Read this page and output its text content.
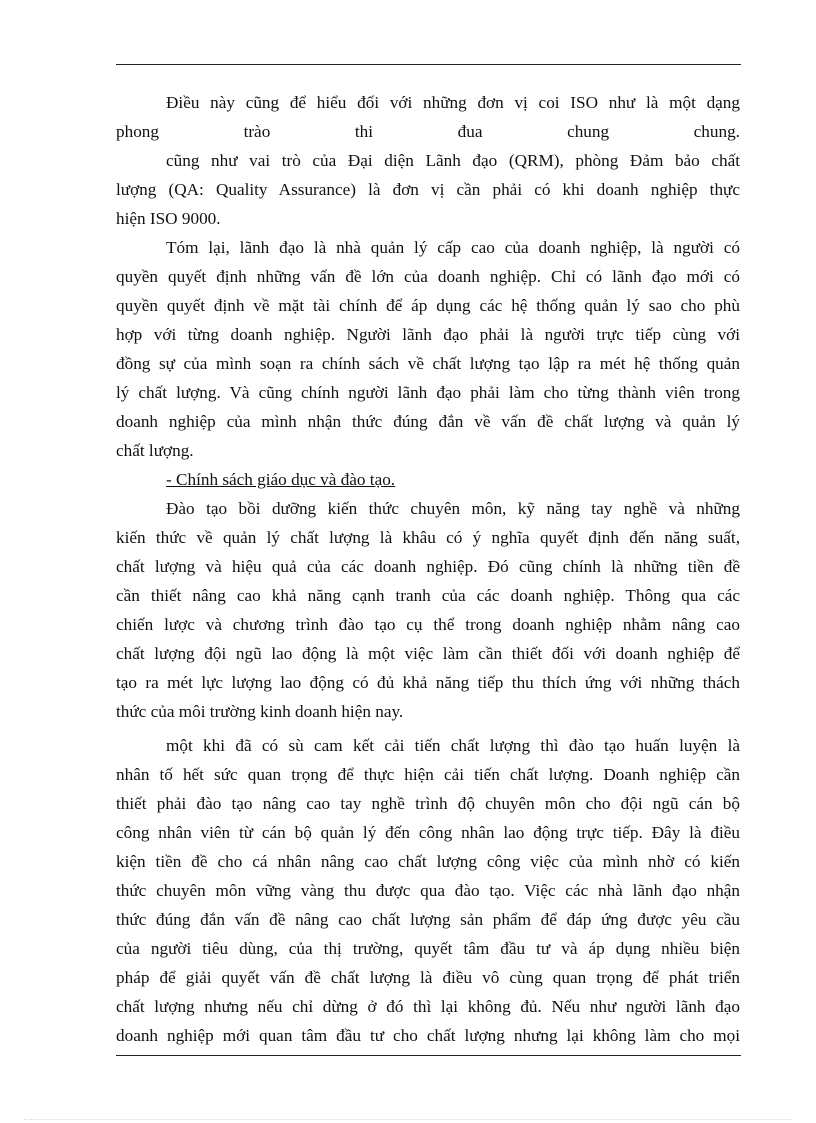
Điều này cũng để hiểu đối với những đơn vị coi ISO như là một dạng
phong	trào	thi	đua	chung	chung.
cũng như vai trò của Đại diện Lãnh đạo (QRM), phòng Đảm bảo chất
lượng (QA: Quality Assurance) là đơn vị cần phải có khi doanh nghiệp thực
hiện ISO 9000.
Tóm lại, lãnh đạo là nhà quản lý cấp cao của doanh nghiệp, là người có
quyền quyết định những vấn đề lớn của doanh nghiệp. Chỉ có lãnh đạo mới có
quyền quyết định về mặt tài chính để áp dụng các hệ thống quản lý sao cho phù
hợp với từng doanh nghiệp. Người lãnh đạo phải là người trực tiếp cùng với
đồng sự của mình soạn ra chính sách về chất lượng tạo lập ra mét hệ thống quản
lý chất lượng. Và cũng chính người lãnh đạo phải làm cho từng thành viên trong
doanh nghiệp của mình nhận thức đúng đắn về vấn đề chất lượng và quản lý
chất lượng.
- Chính sách giáo dục và đào tạo.
Đào tạo bồi dưỡng kiến thức chuyên môn, kỹ năng tay nghề và những
kiến thức về quản lý chất lượng là khâu có ý nghĩa quyết định đến năng suất,
chất lượng và hiệu quả của các doanh nghiệp. Đó cũng chính là những tiền đề
cần thiết nâng cao khả năng cạnh tranh của các doanh nghiệp. Thông qua các
chiến lược và chương trình đào tạo cụ thể trong doanh nghiệp nhằm nâng cao
chất lượng đội ngũ lao động là một việc làm cần thiết đối với doanh nghiệp để
tạo ra mét lực lượng lao động có đủ khả năng tiếp thu thích ứng với những thách
thức của môi trường kinh doanh hiện nay.
một khi đã có sù cam kết cải tiến chất lượng thì đào tạo huấn luyện là
nhân tố hết sức quan trọng để thực hiện cải tiến chất lượng. Doanh nghiệp cần
thiết phải đào tạo nâng cao tay nghề trình độ chuyên môn cho đội ngũ cán bộ
công nhân viên từ cán bộ quản lý đến công nhân lao động trực tiếp. Đây là điều
kiện tiền đề cho cá nhân nâng cao chất lượng công việc của mình nhờ có kiến
thức chuyên môn vững vàng thu được qua đào tạo. Việc các nhà lãnh đạo nhận
thức đúng đắn vấn đề nâng cao chất lượng sản phẩm để đáp ứng được yêu cầu
của người tiêu dùng, của thị trường, quyết tâm đầu tư và áp dụng nhiều biện
pháp để giải quyết vấn đề chất lượng là điều vô cùng quan trọng để phát triển
chất lượng nhưng nếu chỉ dừng ở đó thì lại không đủ. Nếu như người lãnh đạo
doanh nghiệp mới quan tâm đầu tư cho chất lượng nhưng lại không làm cho mọi
